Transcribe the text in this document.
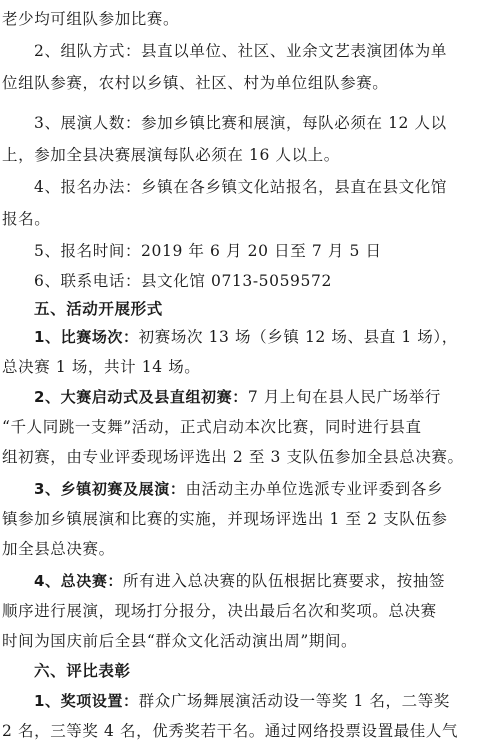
老少均可组队参加比赛。
2、组队方式：县直以单位、社区、业余文艺表演团体为单
位组队参赛，农村以乡镇、社区、村为单位组队参赛。
3、展演人数：参加乡镇比赛和展演，每队必须在 12 人以
上，参加全县决赛展演每队必须在 16 人以上。
4、报名办法：乡镇在各乡镇文化站报名，县直在县文化馆
报名。
5、报名时间：2019 年 6 月 20 日至 7 月 5 日
6、联系电话：县文化馆 0713-5059572
五、活动开展形式
1、比赛场次：初赛场次 13 场（乡镇 12 场、县直 1 场），
总决赛 1 场，共计 14 场。
2、大赛启动式及县直组初赛：7 月上旬在县人民广场举行
“千人同跳一支舞”活动，正式启动本次比赛，同时进行县直
组初赛，由专业评委现场评选出 2 至 3 支队伍参加全县总决赛。
3、乡镇初赛及展演：由活动主办单位选派专业评委到各乡
镇参加乡镇展演和比赛的实施，并现场评选出 1 至 2 支队伍参
加全县总决赛。
4、总决赛：所有进入总决赛的队伍根据比赛要求，按抽签
顺序进行展演，现场打分报分，决出最后名次和奖项。总决赛
时间为国庆前后全县“群众文化活动演出周”期间。
六、评比表彰
1、奖项设置：群众广场舞展演活动设一等奖 1 名，二等奖
2 名，三等奖 4 名，优秀奖若干名。通过网络投票设置最佳人气
